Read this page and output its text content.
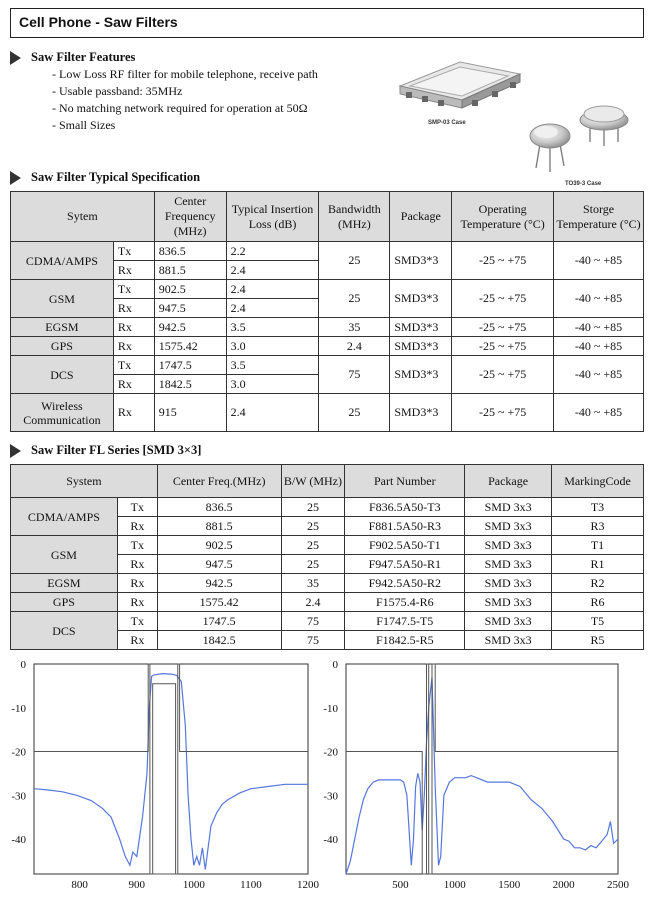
Cell Phone - Saw Filters
Saw Filter Features
- Low Loss RF filter for mobile telephone, receive path
- Usable passband: 35MHz
- No matching network required for operation at 50Ω
- Small Sizes	SMP-03 Case
TO39-3 Case
Saw Filter Typical Specification
Sytem		Center Frequency (MHz)	Typical Insertion Loss (dB)	Bandwidth (MHz)	Package	Operating Temperature (°C)	Storge Temperature (°C)
CDMA/AMPS	Tx	836.5	2.2	25	SMD3*3	-25 ~ +75	-40 ~ +85
	Rx	881.5	2.4				
GSM	Tx	902.5	2.4	25	SMD3*3	-25 ~ +75	-40 ~ +85
	Rx	947.5	2.4				
EGSM	Rx	942.5	3.5	35	SMD3*3	-25 ~ +75	-40 ~ +85
GPS	Rx	1575.42	3.0	2.4	SMD3*3	-25 ~ +75	-40 ~ +85
DCS	Tx	1747.5	3.5	75	SMD3*3	-25 ~ +75	-40 ~ +85
	Rx	1842.5	3.0				
Wireless Communication	Rx	915	2.4	25	SMD3*3	-25 ~ +75	-40 ~ +85
Saw Filter FL Series [SMD 3×3]
System		Center Freq.(MHz)	B/W (MHz)	Part Number	Package	MarkingCode
CDMA/AMPS	Tx	836.5	25	F836.5A50-T3	SMD 3x3	T3
	Rx	881.5	25	F881.5A50-R3	SMD 3x3	R3
GSM	Tx	902.5	25	F902.5A50-T1	SMD 3x3	T1
	Rx	947.5	25	F947.5A50-R1	SMD 3x3	R1
EGSM	Rx	942.5	35	F942.5A50-R2	SMD 3x3	R2
GPS	Rx	1575.42	2.4	F1575.4-R6	SMD 3x3	R6
DCS	Tx	1747.5	75	F1747.5-T5	SMD 3x3	T5
	Rx	1842.5	75	F1842.5-R5	SMD 3x3	R5
0
-10
-20
-30
-40
800	900	1000	1100	1200
0
-10
-20
-30
-40
500	1000	1500	2000	2500
